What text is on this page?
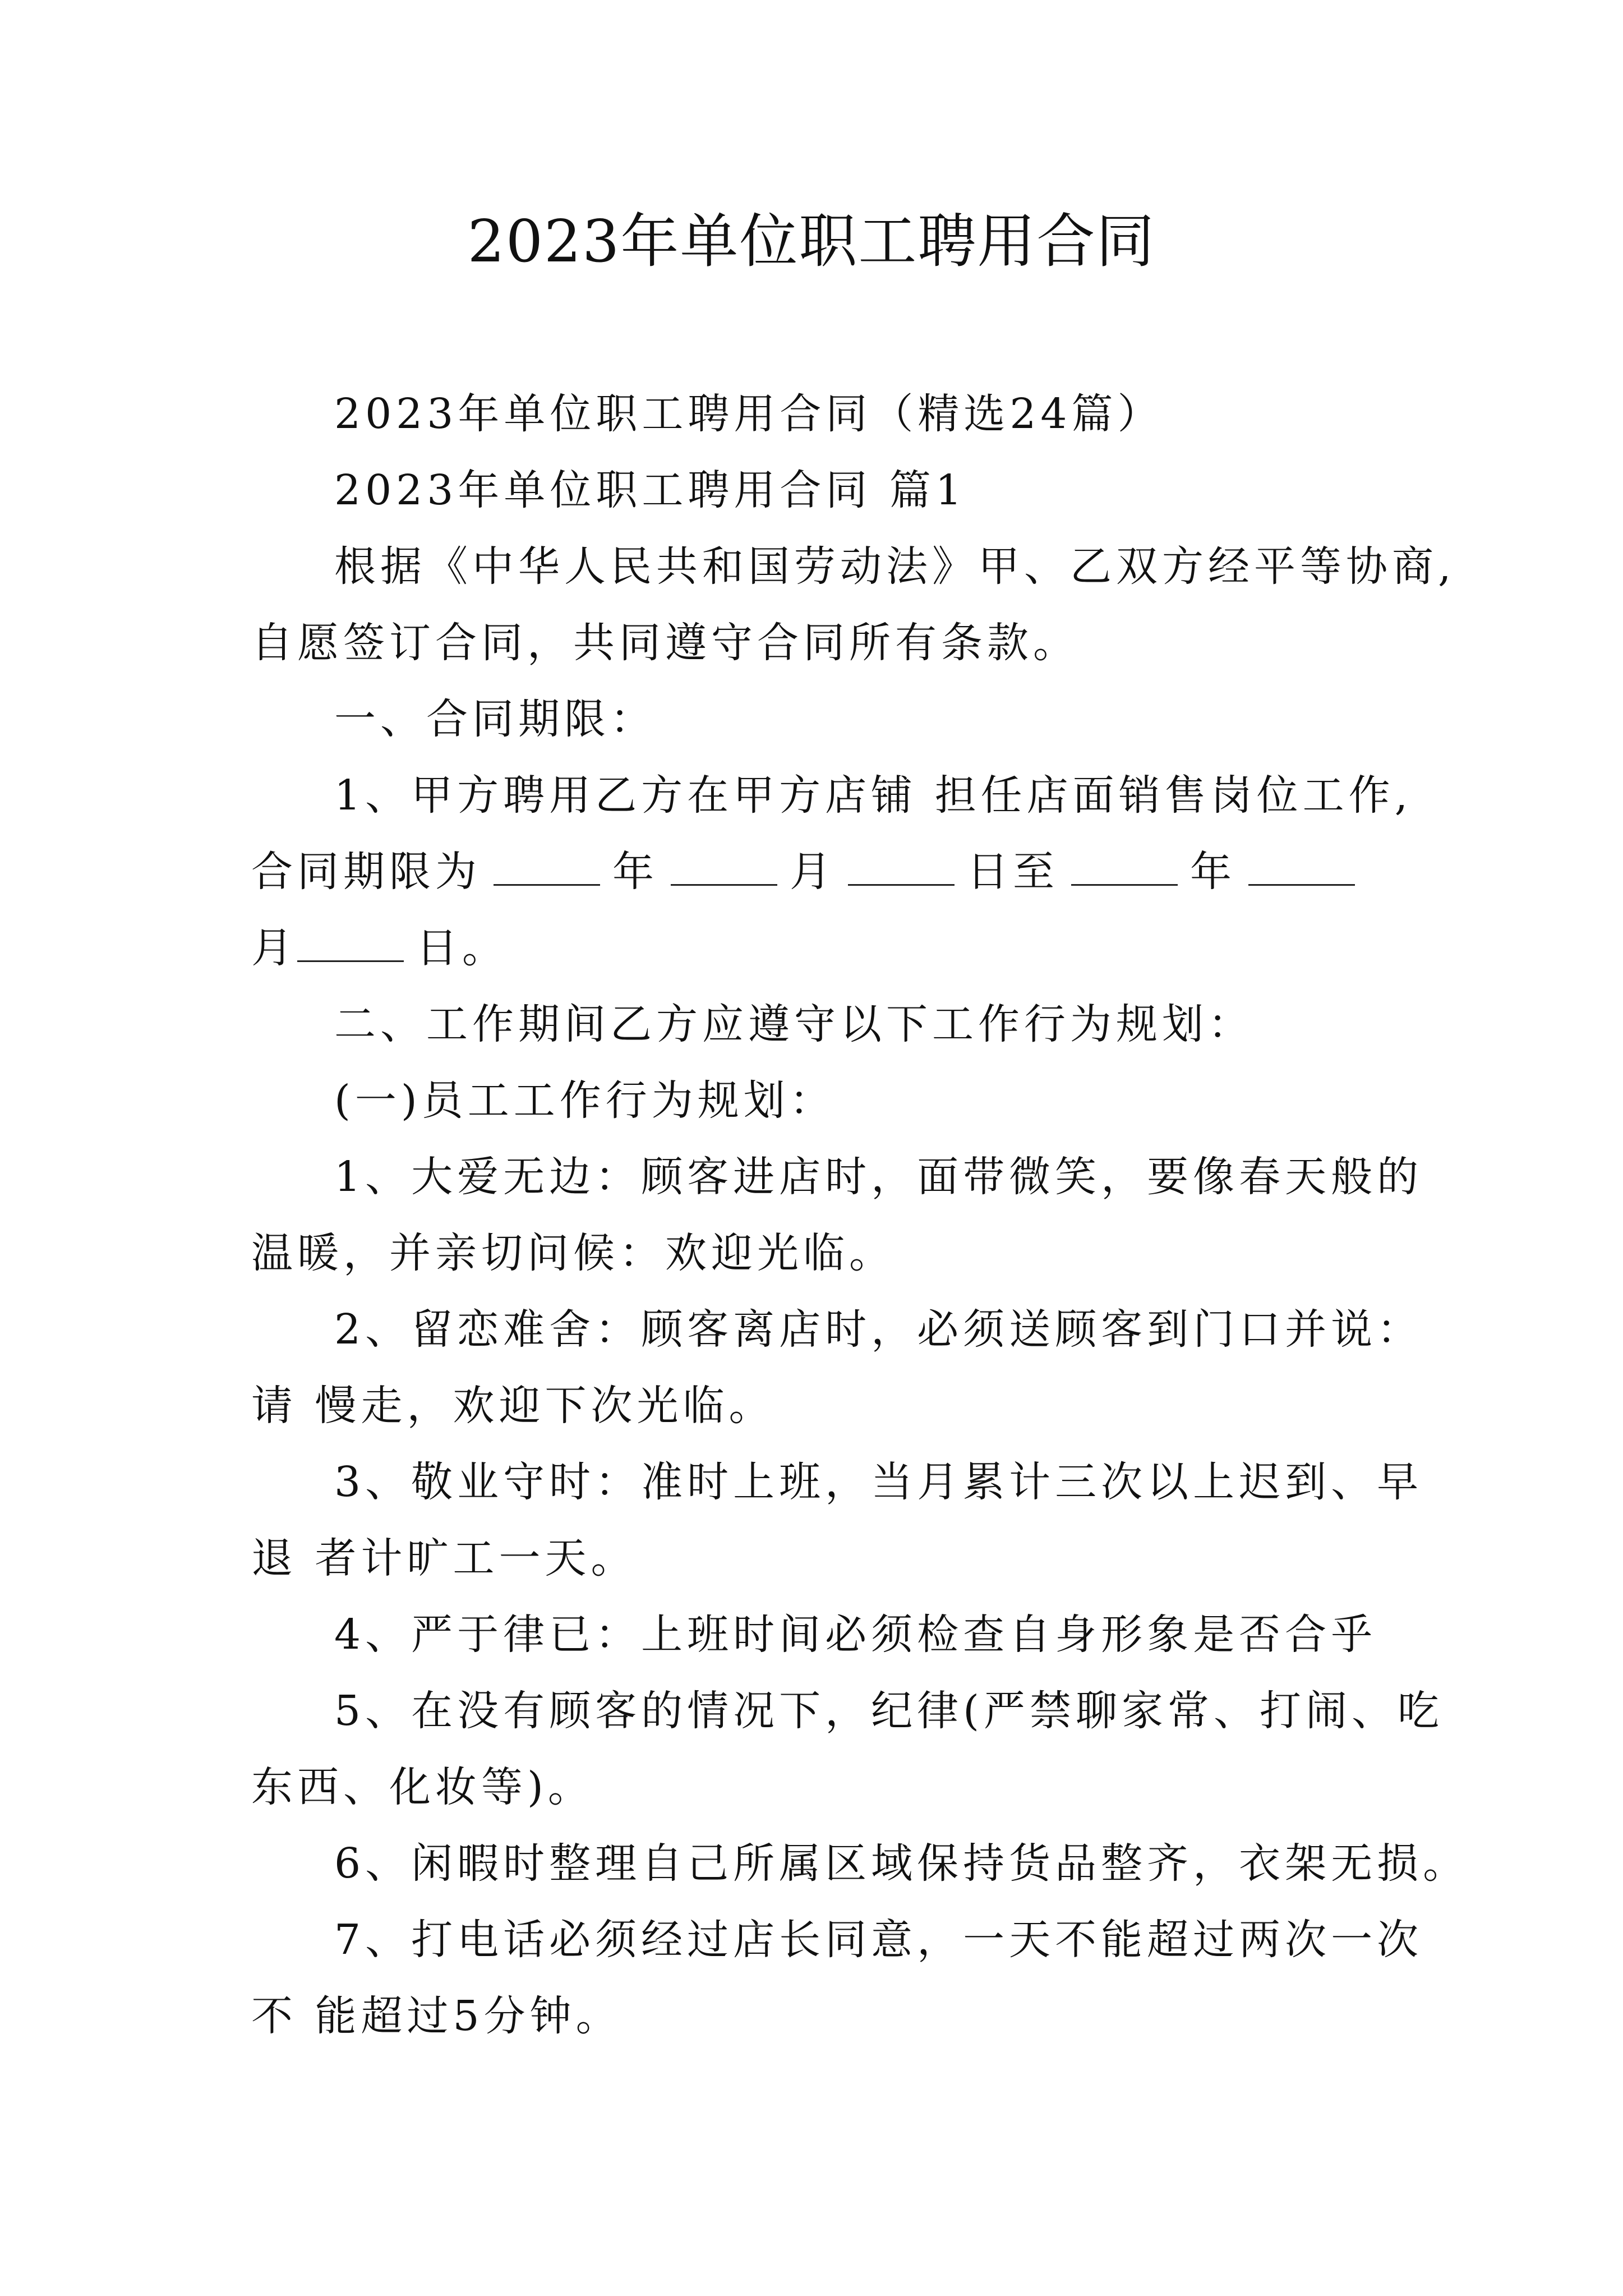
2023年单位职工聘用合同

2023年单位职工聘用合同（精选24篇）

2023年单位职工聘用合同 篇1

根据《中华人民共和国劳动法》甲、乙双方经平等协商,
自愿签订合同，共同遵守合同所有条款。

一、合同期限：

1、甲方聘用乙方在甲方店铺 担任店面销售岗位工作,
合同期限为	年	月	日至	年
月	日。

二、工作期间乙方应遵守以下工作行为规划：

(一)员工工作行为规划：

1、大爱无边：顾客进店时，面带微笑，要像春天般的
温暖，并亲切问候：欢迎光临。

2、留恋难舍：顾客离店时，必须送顾客到门口并说：
请 慢走，欢迎下次光临。

3、敬业守时：准时上班，当月累计三次以上迟到、早
退 者计旷工一天。

4、严于律已：上班时间必须检查自身形象是否合乎

5、在没有顾客的情况下，纪律(严禁聊家常、打闹、吃
东西、化妆等)。

6、闲暇时整理自己所属区域保持货品整齐，衣架无损。

7、打电话必须经过店长同意，一天不能超过两次一次
不 能超过5分钟。
